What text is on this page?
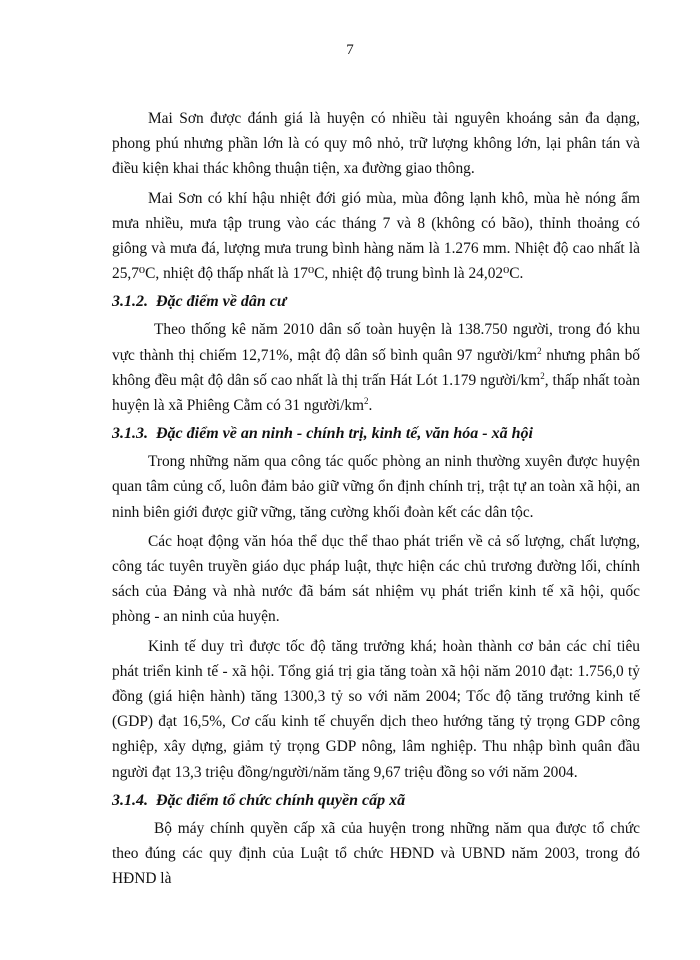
7

Mai Sơn được đánh giá là huyện có nhiều tài nguyên khoáng sản đa dạng, phong phú nhưng phần lớn là có quy mô nhỏ, trữ lượng không lớn, lại phân tán và điều kiện khai thác không thuận tiện, xa đường giao thông.

Mai Sơn có khí hậu nhiệt đới gió mùa, mùa đông lạnh khô, mùa hè nóng ẩm mưa nhiều, mưa tập trung vào các tháng 7 và 8 (không có bão), thỉnh thoảng có giông và mưa đá, lượng mưa trung bình hàng năm là 1.276 mm. Nhiệt độ cao nhất là 25,7⁰C, nhiệt độ thấp nhất là 17⁰C, nhiệt độ trung bình là 24,02⁰C.

3.1.2. Đặc điểm về dân cư

Theo thống kê năm 2010 dân số toàn huyện là 138.750 người, trong đó khu vực thành thị chiếm 12,71%, mật độ dân số bình quân 97 người/$km^2$ nhưng phân bố không đều mật độ dân số cao nhất là thị trấn Hát Lót 1.179 người/$km^2$, thấp nhất toàn huyện là xã Phiêng Cằm có 31 người/$km^2$.

3.1.3. Đặc điểm về an ninh - chính trị, kinh tế, văn hóa - xã hội

Trong những năm qua công tác quốc phòng an ninh thường xuyên được huyện quan tâm củng cố, luôn đảm bảo giữ vững ổn định chính trị, trật tự an toàn xã hội, an ninh biên giới được giữ vững, tăng cường khối đoàn kết các dân tộc.

Các hoạt động văn hóa thể dục thể thao phát triển về cả số lượng, chất lượng, công tác tuyên truyền giáo dục pháp luật, thực hiện các chủ trương đường lối, chính sách của Đảng và nhà nước đã bám sát nhiệm vụ phát triển kinh tế xã hội, quốc phòng - an ninh của huyện.

Kinh tế duy trì được tốc độ tăng trưởng khá; hoàn thành cơ bản các chỉ tiêu phát triển kinh tế - xã hội. Tổng giá trị gia tăng toàn xã hội năm 2010 đạt: 1.756,0 tỷ đồng (giá hiện hành) tăng 1300,3 tỷ so với năm 2004; Tốc độ tăng trưởng kinh tế (GDP) đạt 16,5%, Cơ cấu kinh tế chuyển dịch theo hướng tăng tỷ trọng GDP công nghiệp, xây dựng, giảm tỷ trọng GDP nông, lâm nghiệp. Thu nhập bình quân đầu người đạt 13,3 triệu đồng/người/năm tăng 9,67 triệu đồng so với năm 2004.

3.1.4. Đặc điểm tổ chức chính quyền cấp xã

Bộ máy chính quyền cấp xã của huyện trong những năm qua được tổ chức theo đúng các quy định của Luật tổ chức HĐND và UBND năm 2003, trong đó HĐND là
